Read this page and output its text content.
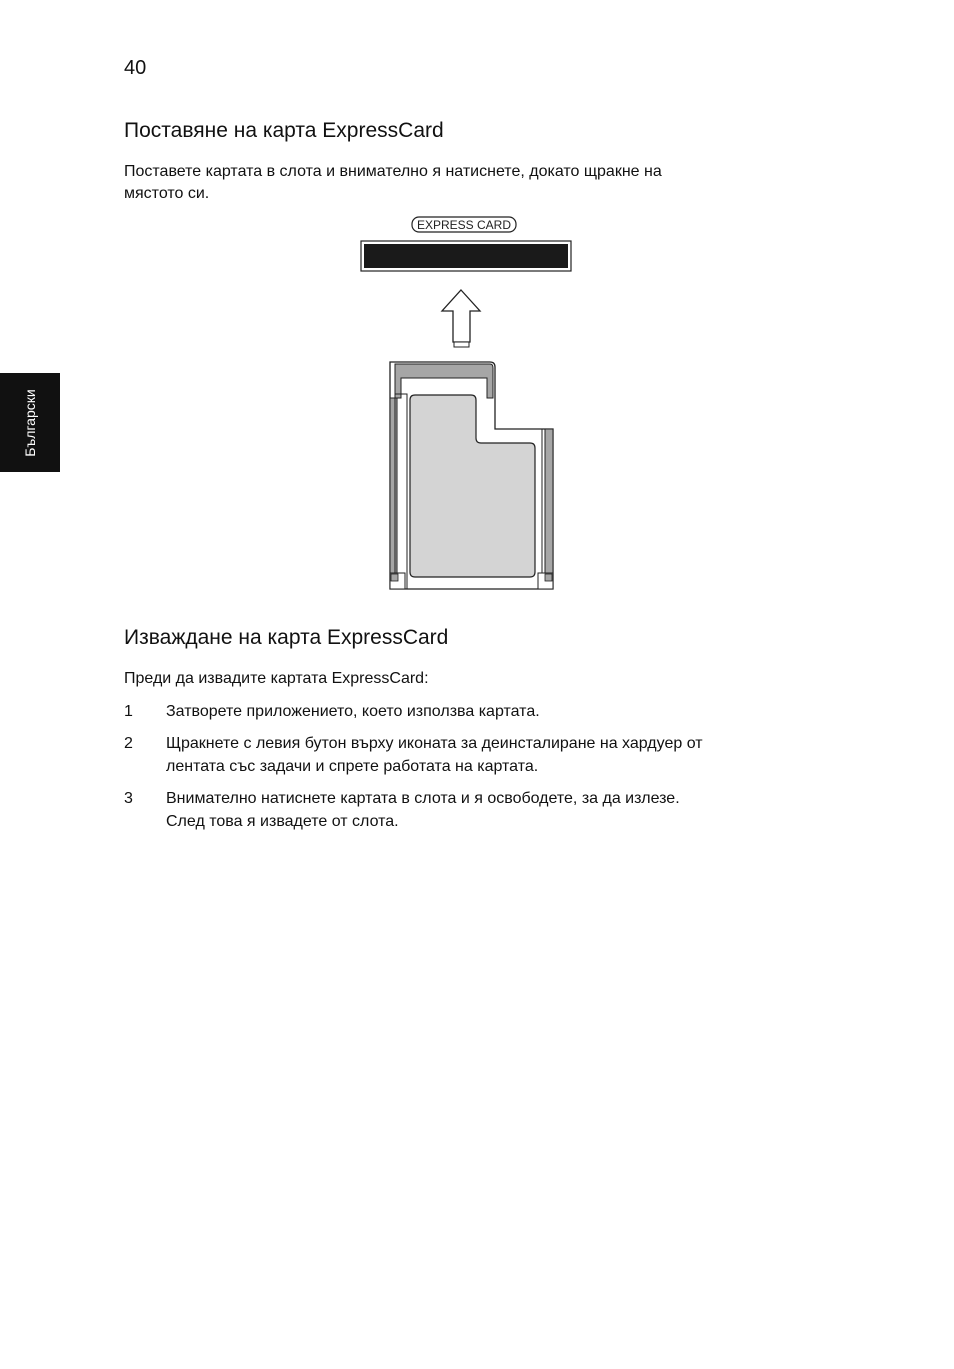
40
Български
Поставяне на карта ExpressCard
Поставете картата в слота и внимателно я натиснете, докато щракне на
мястото си.
EXPRESS CARD
Изваждане на карта ExpressCard
Преди да извадите картата ExpressCard:
1	Затворете приложението, което използва картата.
2	Щракнете с левия бутон върху иконата за деинсталиране на хардуер от
лентата със задачи и спрете работата на картата.
3	Внимателно натиснете картата в слота и я освободете, за да излезе.
След това я извадете от слота.
